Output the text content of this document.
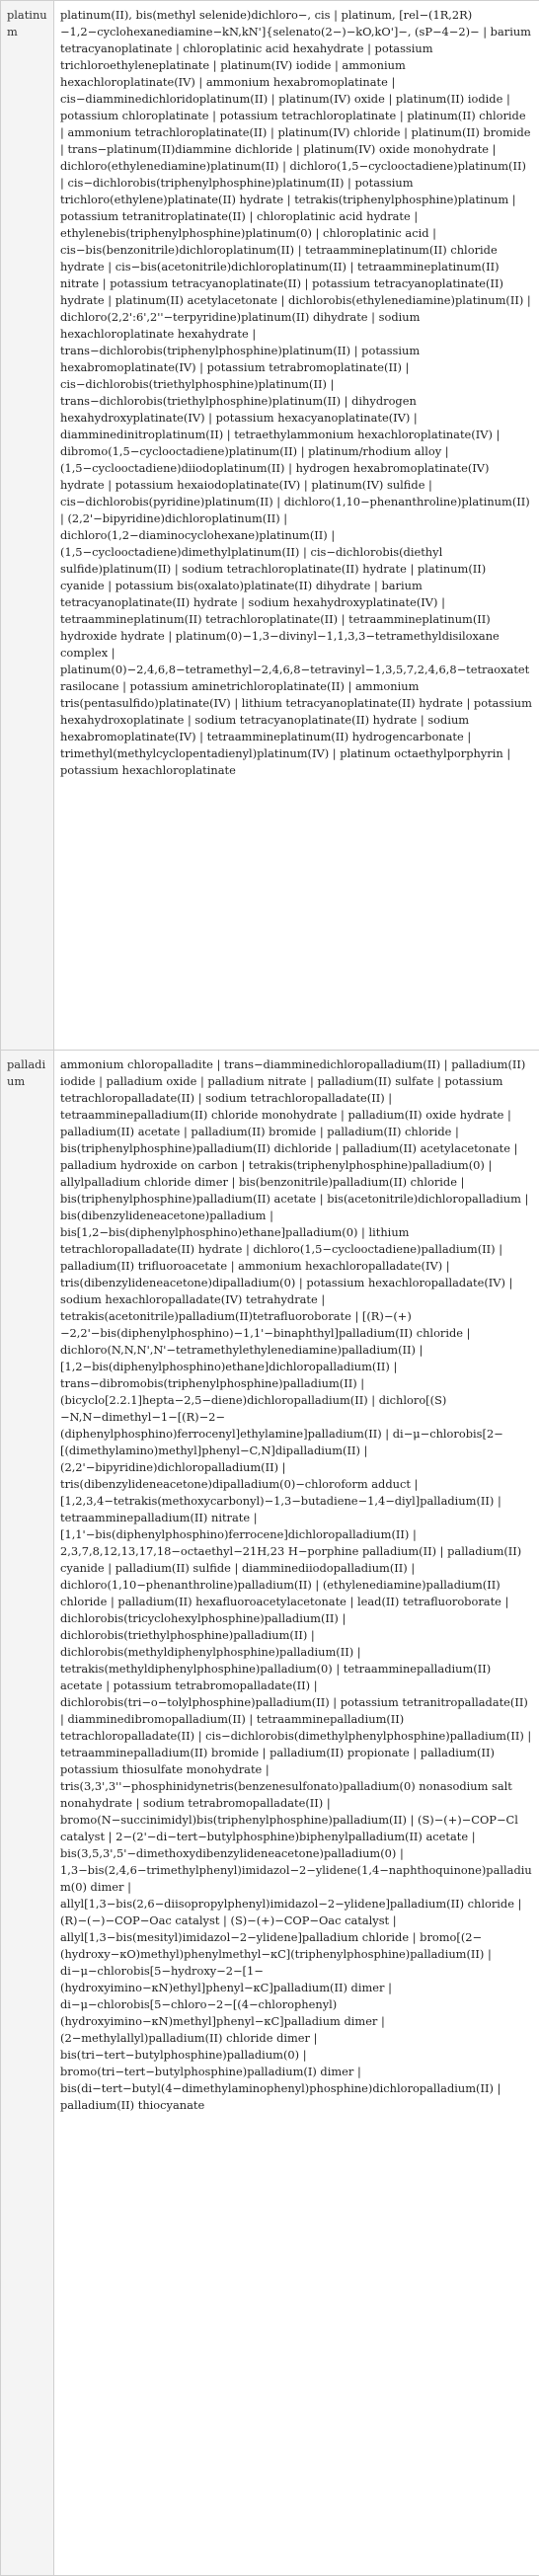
platinum	platinum(II), bis(methyl selenide)dichloro−, cis | platinum, [rel−(1R,2R)−1,2−cyclohexanediamine−kN,kN']{selenato(2−)−kO,kO']−, (sP−4−2)− | barium tetracyanoplatinate | chloroplatinic acid hexahydrate | potassium trichloroethyleneplatinate | platinum(IV) iodide | ammonium hexachloroplatinate(IV) | ammonium hexabromoplatinate | cis−diamminedichloridoplatinum(II) | platinum(IV) oxide | platinum(II) iodide | potassium chloroplatinate | potassium tetrachloroplatinate | platinum(II) chloride | ammonium tetrachloroplatinate(II) | platinum(IV) chloride | platinum(II) bromide | trans−platinum(II)diammine dichloride | platinum(IV) oxide monohydrate | dichloro(ethylenediamine)platinum(II) | dichloro(1,5−cyclooctadiene)platinum(II) | cis−dichlorobis(triphenylphosphine)platinum(II) | potassium trichloro(ethylene)platinate(II) hydrate | tetrakis(triphenylphosphine)platinum | potassium tetranitroplatinate(II) | chloroplatinic acid hydrate | ethylenebis(triphenylphosphine)platinum(0) | chloroplatinic acid | cis−bis(benzonitrile)dichloroplatinum(II) | tetraammineplatinum(II) chloride hydrate | cis−bis(acetonitrile)dichloroplatinum(II) | tetraammineplatinum(II) nitrate | potassium tetracyanoplatinate(II) | potassium tetracyanoplatinate(II) hydrate | platinum(II) acetylacetonate | dichlorobis(ethylenediamine)platinum(II) | dichloro(2,2':6',2''−terpyridine)platinum(II) dihydrate | sodium hexachloroplatinate hexahydrate | trans−dichlorobis(triphenylphosphine)platinum(II) | potassium hexabromoplatinate(IV) | potassium tetrabromoplatinate(II) | cis−dichlorobis(triethylphosphine)platinum(II) | trans−dichlorobis(triethylphosphine)platinum(II) | dihydrogen hexahydroxyplatinate(IV) | potassium hexacyanoplatinate(IV) | diamminedinitroplatinum(II) | tetraethylammonium hexachloroplatinate(IV) | dibromo(1,5−cyclooctadiene)platinum(II) | platinum/rhodium alloy | (1,5−cyclooctadiene)diiodoplatinum(II) | hydrogen hexabromoplatinate(IV) hydrate | potassium hexaiodoplatinate(IV) | platinum(IV) sulfide | cis−dichlorobis(pyridine)platinum(II) | dichloro(1,10−phenanthroline)platinum(II) | (2,2'−bipyridine)dichloroplatinum(II) | dichloro(1,2−diaminocyclohexane)platinum(II) | (1,5−cyclooctadiene)dimethylplatinum(II) | cis−dichlorobis(diethyl sulfide)platinum(II) | sodium tetrachloroplatinate(II) hydrate | platinum(II) cyanide | potassium bis(oxalato)platinate(II) dihydrate | barium tetracyanoplatinate(II) hydrate | sodium hexahydroxyplatinate(IV) | tetraammineplatinum(II) tetrachloroplatinate(II) | tetraammineplatinum(II) hydroxide hydrate | platinum(0)−1,3−divinyl−1,1,3,3−tetramethyldisiloxane complex | platinum(0)−2,4,6,8−tetramethyl−2,4,6,8−tetravinyl−1,3,5,7,2,4,6,8−tetraoxatetrasilocane | potassium aminetrichloroplatinate(II) | ammonium tris(pentasulfido)platinate(IV) | lithium tetracyanoplatinate(II) hydrate | potassium hexahydroxoplatinate | sodium tetracyanoplatinate(II) hydrate | sodium hexabromoplatinate(IV) | tetraammineplatinum(II) hydrogencarbonate | trimethyl(methylcyclopentadienyl)platinum(IV) | platinum octaethylporphyrin | potassium hexachloroplatinate
palladium	ammonium chloropalladite | trans−diamminedichloropalladium(II) | palladium(II) iodide | palladium oxide | palladium nitrate | palladium(II) sulfate | potassium tetrachloropalladate(II) | sodium tetrachloropalladate(II) | tetraamminepalladium(II) chloride monohydrate | palladium(II) oxide hydrate | palladium(II) acetate | palladium(II) bromide | palladium(II) chloride | bis(triphenylphosphine)palladium(II) dichloride | palladium(II) acetylacetonate | palladium hydroxide on carbon | tetrakis(triphenylphosphine)palladium(0) | allylpalladium chloride dimer | bis(benzonitrile)palladium(II) chloride | bis(triphenylphosphine)palladium(II) acetate | bis(acetonitrile)dichloropalladium | bis(dibenzylideneacetone)palladium | bis[1,2−bis(diphenylphosphino)ethane]palladium(0) | lithium tetrachloropalladate(II) hydrate | dichloro(1,5−cyclooctadiene)palladium(II) | palladium(II) trifluoroacetate | ammonium hexachloropalladate(IV) | tris(dibenzylideneacetone)dipalladium(0) | potassium hexachloropalladate(IV) | sodium hexachloropalladate(IV) tetrahydrate | tetrakis(acetonitrile)palladium(II)tetrafluoroborate | [(R)−(+)−2,2'−bis(diphenylphosphino)−1,1'−binaphthyl]palladium(II) chloride | dichloro(N,N,N',N'−tetramethylethylenediamine)palladium(II) | [1,2−bis(diphenylphosphino)ethane]dichloropalladium(II) | trans−dibromobis(triphenylphosphine)palladium(II) | (bicyclo[2.2.1]hepta−2,5−diene)dichloropalladium(II) | dichloro[(S)−N,N−dimethyl−1−[(R)−2−(diphenylphosphino)ferrocenyl]ethylamine]palladium(II) | di−μ−chlorobis[2−[(dimethylamino)methyl]phenyl−C,N]dipalladium(II) | (2,2'−bipyridine)dichloropalladium(II) | tris(dibenzylideneacetone)dipalladium(0)−chloroform adduct | [1,2,3,4−tetrakis(methoxycarbonyl)−1,3−butadiene−1,4−diyl]palladium(II) | tetraamminepalladium(II) nitrate | [1,1'−bis(diphenylphosphino)ferrocene]dichloropalladium(II) | 2,3,7,8,12,13,17,18−octaethyl−21H,23 H−porphine palladium(II) | palladium(II) cyanide | palladium(II) sulfide | diamminediiodopalladium(II) | dichloro(1,10−phenanthroline)palladium(II) | (ethylenediamine)palladium(II) chloride | palladium(II) hexafluoroacetylacetonate | lead(II) tetrafluoroborate | dichlorobis(tricyclohexylphosphine)palladium(II) | dichlorobis(triethylphosphine)palladium(II) | dichlorobis(methyldiphenylphosphine)palladium(II) | tetrakis(methyldiphenylphosphine)palladium(0) | tetraamminepalladium(II) acetate | potassium tetrabromopalladate(II) | dichlorobis(tri−o−tolylphosphine)palladium(II) | potassium tetranitropalladate(II) | diamminedibromopalladium(II) | tetraamminepalladium(II) tetrachloropalladate(II) | cis−dichlorobis(dimethylphenylphosphine)palladium(II) | tetraamminepalladium(II) bromide | palladium(II) propionate | palladium(II) potassium thiosulfate monohydrate | tris(3,3',3''−phosphinidynetris(benzenesulfonato)palladium(0) nonasodium salt nonahydrate | sodium tetrabromopalladate(II) | bromo(N−succinimidyl)bis(triphenylphosphine)palladium(II) | (S)−(+)−COP−Cl catalyst | 2−(2'−di−tert−butylphosphine)biphenylpalladium(II) acetate | bis(3,5,3',5'−dimethoxydibenzylideneacetone)palladium(0) | 1,3−bis(2,4,6−trimethylphenyl)imidazol−2−ylidene(1,4−naphthoquinone)palladium(0) dimer | allyl[1,3−bis(2,6−diisopropylphenyl)imidazol−2−ylidene]palladium(II) chloride | (R)−(−)−COP−Oac catalyst | (S)−(+)−COP−Oac catalyst | allyl[1,3−bis(mesityl)imidazol−2−ylidene]palladium chloride | bromo[(2−(hydroxy−κO)methyl)phenylmethyl−κC](triphenylphosphine)palladium(II) | di−μ−chlorobis[5−hydroxy−2−[1−(hydroxyimino−κN)ethyl]phenyl−κC]palladium(II) dimer | di−μ−chlorobis[5−chloro−2−[(4−chlorophenyl)(hydroxyimino−κN)methyl]phenyl−κC]palladium dimer | (2−methylallyl)palladium(II) chloride dimer | bis(tri−tert−butylphosphine)palladium(0) | bromo(tri−tert−butylphosphine)palladium(I) dimer | bis(di−tert−butyl(4−dimethylaminophenyl)phosphine)dichloropalladium(II) | palladium(II) thiocyanate
